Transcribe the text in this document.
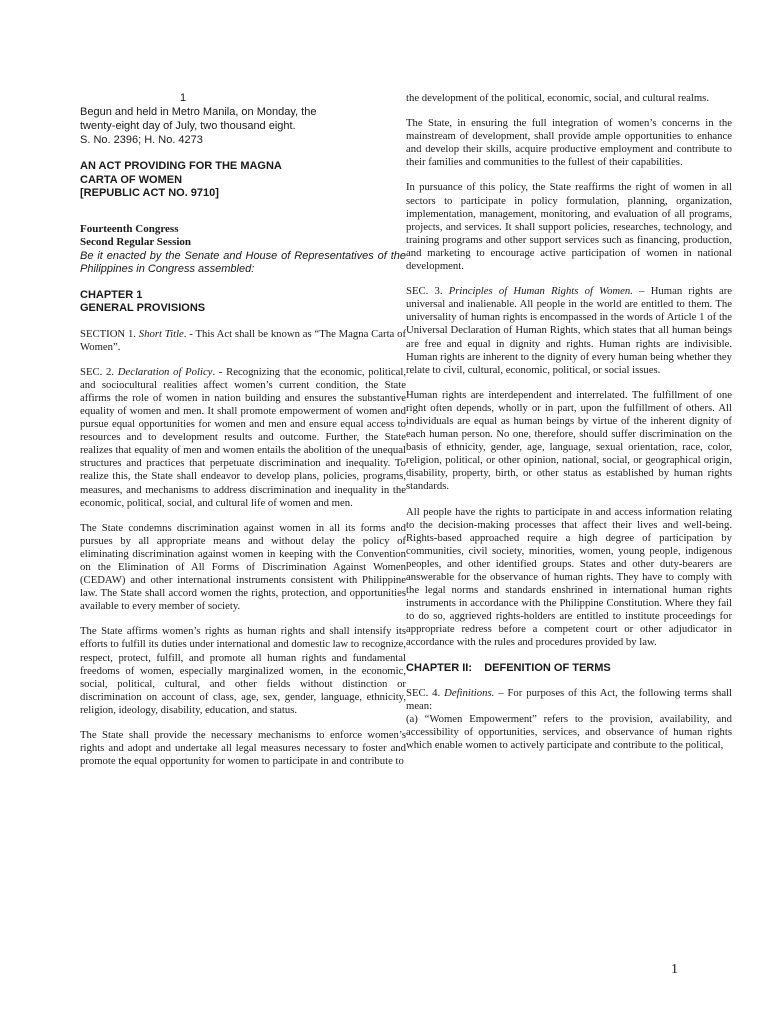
1
Begun and held in Metro Manila, on Monday, the
twenty-eight day of July, two thousand eight.
S. No. 2396; H. No. 4273
AN ACT PROVIDING FOR THE MAGNA
CARTA OF WOMEN
[REPUBLIC ACT NO. 9710]
Fourteenth Congress
Second Regular Session

Be it enacted by the Senate and House of Representatives of the Philippines in Congress assembled:

CHAPTER 1
GENERAL PROVISIONS

SECTION 1. Short Title. - This Act shall be known as “The Magna Carta of Women”.

SEC. 2. Declaration of Policy. - Recognizing that the economic, political, and sociocultural realities affect women’s current condition, the State affirms the role of women in nation building and ensures the substantive equality of women and men. It shall promote empowerment of women and pursue equal opportunities for women and men and ensure equal access to resources and to development results and outcome. Further, the State realizes that equality of men and women entails the abolition of the unequal structures and practices that perpetuate discrimination and inequality. To realize this, the State shall endeavor to develop plans, policies, programs, measures, and mechanisms to address discrimination and inequality in the economic, political, social, and cultural life of women and men.

The State condemns discrimination against women in all its forms and pursues by all appropriate means and without delay the policy of eliminating discrimination against women in keeping with the Convention on the Elimination of All Forms of Discrimination Against Women (CEDAW) and other international instruments consistent with Philippine law. The State shall accord women the rights, protection, and opportunities available to every member of society.

The State affirms women’s rights as human rights and shall intensify its efforts to fulfill its duties under international and domestic law to recognize, respect, protect, fulfill, and promote all human rights and fundamental freedoms of women, especially marginalized women, in the economic, social, political, cultural, and other fields without distinction or discrimination on account of class, age, sex, gender, language, ethnicity, religion, ideology, disability, education, and status.

The State shall provide the necessary mechanisms to enforce women’s rights and adopt and undertake all legal measures necessary to foster and promote the equal opportunity for women to participate in and contribute to

the development of the political, economic, social, and cultural realms.

The State, in ensuring the full integration of women’s concerns in the mainstream of development, shall provide ample opportunities to enhance and develop their skills, acquire productive employment and contribute to their families and communities to the fullest of their capabilities.

In pursuance of this policy, the State reaffirms the right of women in all sectors to participate in policy formulation, planning, organization, implementation, management, monitoring, and evaluation of all programs, projects, and services. It shall support policies, researches, technology, and training programs and other support services such as financing, production, and marketing to encourage active participation of women in national development.

SEC. 3. Principles of Human Rights of Women. – Human rights are universal and inalienable. All people in the world are entitled to them. The universality of human rights is encompassed in the words of Article 1 of the Universal Declaration of Human Rights, which states that all human beings are free and equal in dignity and rights. Human rights are indivisible. Human rights are inherent to the dignity of every human being whether they relate to civil, cultural, economic, political, or social issues.

Human rights are interdependent and interrelated. The fulfillment of one right often depends, wholly or in part, upon the fulfillment of others. All individuals are equal as human beings by virtue of the inherent dignity of each human person. No one, therefore, should suffer discrimination on the basis of ethnicity, gender, age, language, sexual orientation, race, color, religion, political, or other opinion, national, social, or geographical origin, disability, property, birth, or other status as established by human rights standards.

All people have the rights to participate in and access information relating to the decision-making processes that affect their lives and well-being. Rights-based approached require a high degree of participation by communities, civil society, minorities, women, young people, indigenous peoples, and other identified groups. States and other duty-bearers are answerable for the observance of human rights. They have to comply with the legal norms and standards enshrined in international human rights instruments in accordance with the Philippine Constitution. Where they fail to do so, aggrieved rights-holders are entitled to institute proceedings for appropriate redress before a competent court or other adjudicator in accordance with the rules and procedures provided by law.

CHAPTER II:    DEFENITION OF TERMS

SEC. 4. Definitions. – For purposes of this Act, the following terms shall mean:

(a) “Women Empowerment” refers to the provision, availability, and accessibility of opportunities, services, and observance of human rights which enable women to actively participate and contribute to the political,

1
